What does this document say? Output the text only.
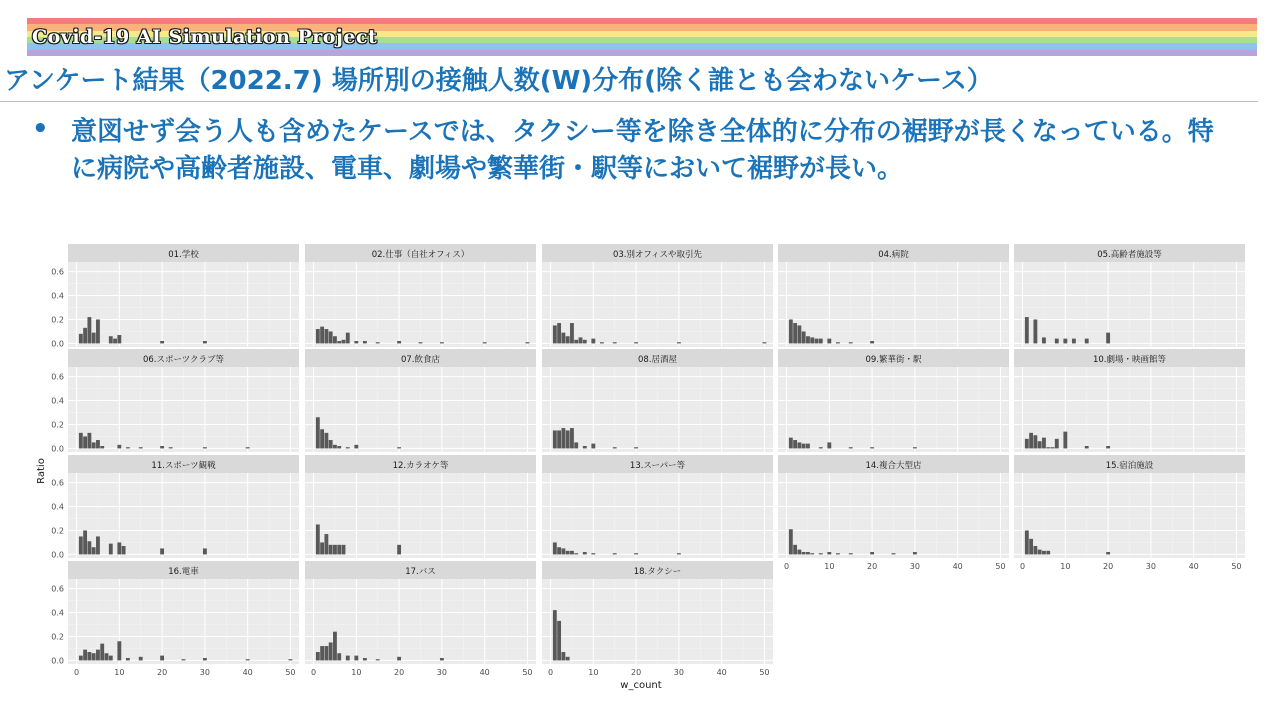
Covid-19 AI Simulation Project
アンケート結果（2022.7) 場所別の接触人数(W)分布(除く誰とも会わないケース）
• 意図せず会う人も含めたケースでは、タクシー等を除き全体的に分布の裾野が長くなっている。特に病院や高齢者施設、電車、劇場や繁華街・駅等において裾野が長い。
01.学校
0.0
0.2
0.4
0.6
02.仕事（自社オフィス）	03.別オフィスや取引先	04.病院	05.高齢者施設等
06.スポーツクラブ等
0.0
0.2
0.4
0.6
07.飲食店	08.居酒屋	09.繁華街・駅	10.劇場・映画館等
11.スポーツ観戦
0.0
0.2
0.4
0.6
12.カラオケ等	13.スーパー等	14.複合大型店	15.宿泊施設
16.電車
0.0
0.2
0.4
0.6
17.バス	18.タクシー
0	10	20	30	40	50 0	10	20	30	40	50 0	10	20	30	40	50
0	10	20	30	40	50 0	10	20	30	40	50
w_count
Ratio
